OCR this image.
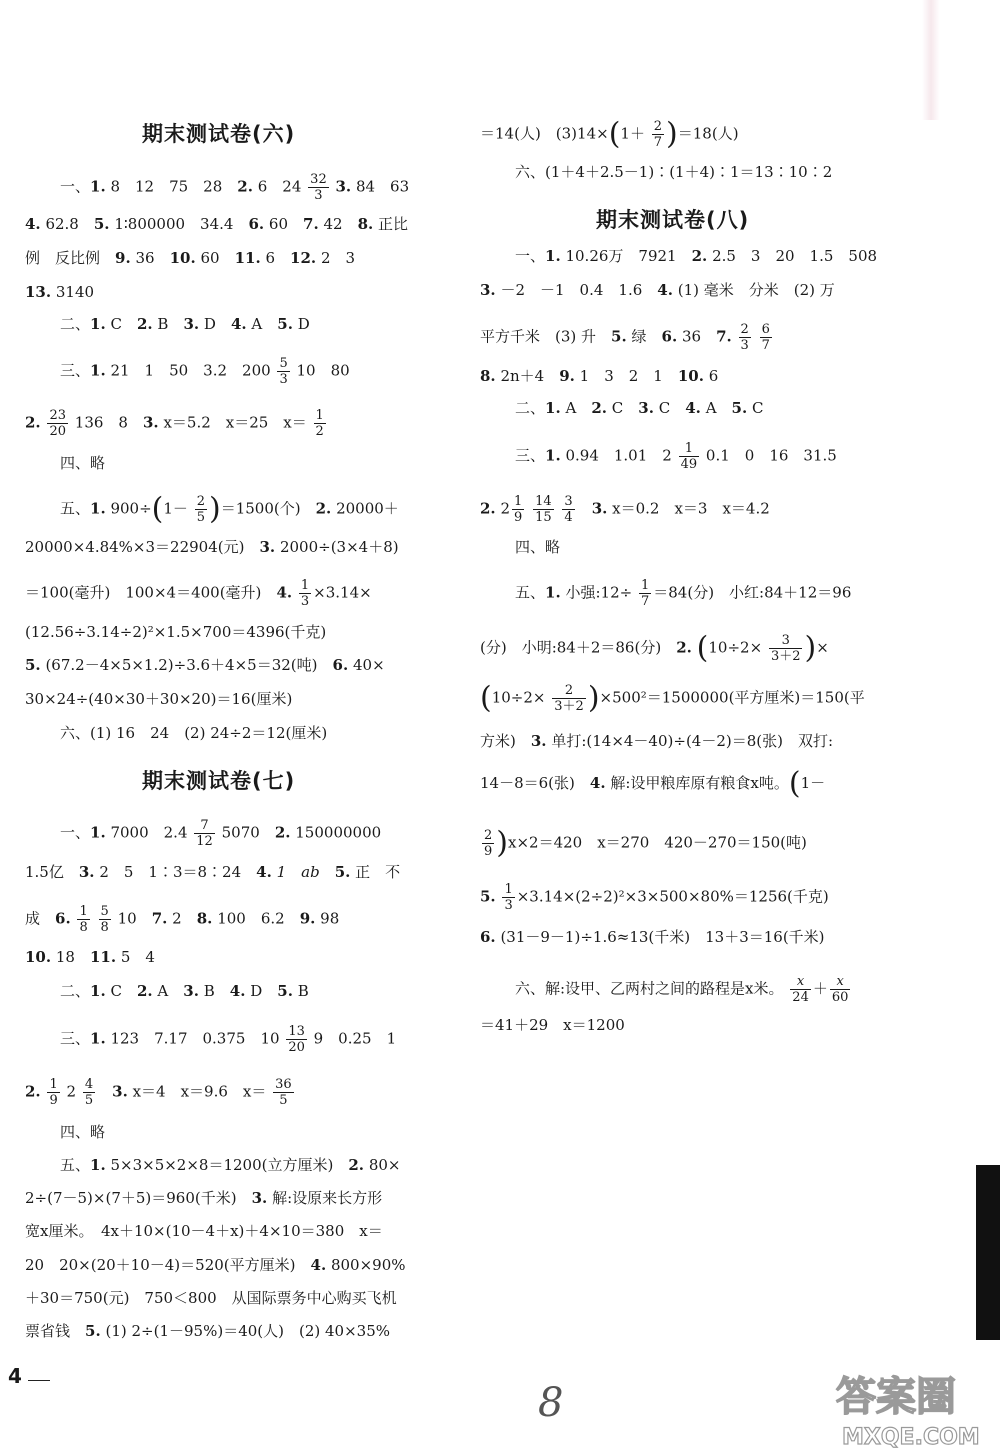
期末测试卷(六)
一、1. 8　12　75　28　 2. 6　$24 \frac{32}{3} 3$. 84　63
4. 62.8　 5. 1∶800000　34.4　 6. 60　 7. 42　 8. 正比
例　反比例　 9. 36　 10. 60　 11. 6　 12. 2　3
13. 3140
二、1. C　 2. B　 3. D　 4. A　 5. D
三、1. 21　1　50　3.2　$200 \frac{5}{3} 10$　80
2. $\frac{23}{20} 136$　8　 3. x＝5.2　x＝25　$x= \frac{1}{2}$
四、略
五、1. $900\div(1- \frac{2}{5} )=1500$(个)　 2. 20000＋
20000×4.84%×3＝22904(元)　 3. 2000÷(3×4＋8)
＝100(毫升)　100×4＝400(毫升)　 4. $\frac{1}{3} \times 3.14\times$
(12.56÷3.14÷2)²×1.5×700＝4396(千克)
5. (67.2－4×5×1.2)÷3.6＋4×5＝32(吨)　 6. 40×
30×24÷(40×30＋30×20)＝16(厘米)
六、(1) 16　24　(2) 24÷2＝12(厘米)
期末测试卷(七)
一、1. 7000　$2.4 \frac{7}{12} 5070$　 2. 150000000
1.5亿　 3. 2　5　1∶3＝8∶24　 4. 1　ab　 5. 正　不
成　 6. $\frac{1}{8}$
$\frac{5}{8} 10$　 7. 2　 8. 100　6.2　 9. 98
10. 18　 11. 5　4
二、1. C　 2. A　 3. B　 4. D　 5. B
三、1. 123　7.17　0.375　$10 \frac{13}{20} 9$　0.25　1
2. $\frac{1}{9} 2 \frac{4}{5}$
　 3. x＝4　x＝9.6　$x= \frac{36}{5}$
四、略
五、1. 5×3×5×2×8＝1200(立方厘米)　 2. 80×
2÷(7－5)×(7＋5)＝960(千米)　 3. 解:设原来长方形
宽x厘米。　4x＋10×(10－4＋x)＋4×10＝380　x＝
20　20×(20＋10－4)＝520(平方厘米)　 4. 800×90%
＋30＝750(元)　750＜800　从国际票务中心购买飞机
票省钱　 5. (1) 2÷(1－95%)＝40(人)　(2) 40×35%
＝14(人)　$(3)14\times(1+ \frac{2}{7} )=18$(人)
六、(1＋4＋2.5－1)∶(1＋4)∶1＝13∶10∶2
期末测试卷(八)
一、1. 10.26万　7921　 2. 2.5　3　20　1.5　508
3. －2　－1　0.4　1.6　 4. (1) 毫米　分米　(2) 万
平方千米　(3) 升　 5. 绿　 6. 36　 7. $\frac{2}{3}$
$\frac{6}{7}$
8. 2n＋4　 9. 1　3　2　1　 10. 6
二、1. A　 2. C　 3. C　 4. A　 5. C
三、1. 0.94　1.01　$2 \frac{1}{49} 0.1$　0　16　31.5
2. $2 \frac{1}{9}$
$\frac{14}{15}$
$\frac{3}{4}$
　 3. x＝0.2　x＝3　x＝4.2
四、略
五、1. 小强:12÷ $\frac{1}{7} =84$(分)　小红:84＋12＝96
(分)　小明:84＋2＝86(分)　 2. ($10\div 2\times \frac{3}{3+2}$ )×
$(10\div 2\times \frac{2}{3+2} )\times 500^2=1500000$(平方厘米)＝150(平
方米)　 3. 单打:(14×4－40)÷(4－2)＝8(张)　双打:
14－8＝6(张)　 4. 解:设甲粮库原有粮食x吨。(1－
$\frac{2}{9} )x\times 2=420$　x＝270　420－270＝150(吨)
5. $\frac{1}{3} \times 3.14\times(2\div 2)^2\times 3\times 500\times 80\%=1256$(千克)
6. (31－9－1)÷1.6≈13(千米)　13＋3＝16(千米)
六、解:设甲、乙两村之间的路程是x米。 $\frac{x}{24} + \frac{x}{60}$
＝41＋29　x＝1200
4
8	答案圈
MXQE.COM
